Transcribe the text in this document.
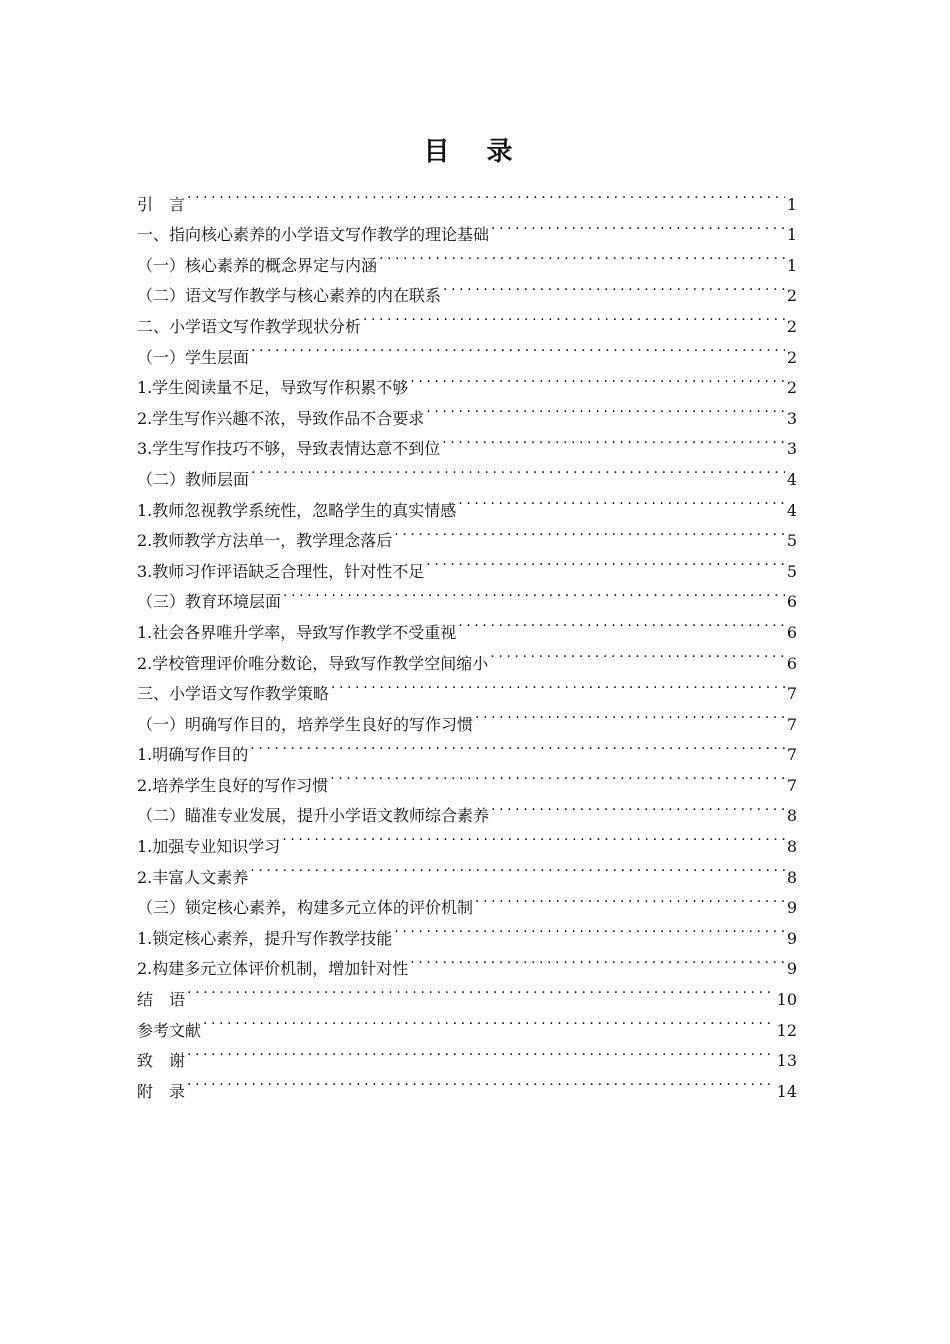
目 录
引　言 .....	1
一、指向核心素养的小学语文写作教学的理论基础 .....	1
（一）核心素养的概念界定与内涵 .....	1
（二）语文写作教学与核心素养的内在联系 .....	2
二、小学语文写作教学现状分析 .....	2
（一）学生层面 .....	2
1.学生阅读量不足，导致写作积累不够 .....	2
2.学生写作兴趣不浓，导致作品不合要求 .....	3
3.学生写作技巧不够，导致表情达意不到位 .....	3
（二）教师层面 .....	4
1.教师忽视教学系统性，忽略学生的真实情感 .....	4
2.教师教学方法单一，教学理念落后 .....	5
3.教师习作评语缺乏合理性，针对性不足 .....	5
（三）教育环境层面 .....	6
1.社会各界唯升学率，导致写作教学不受重视 .....	6
2.学校管理评价唯分数论，导致写作教学空间缩小 .....	6
三、小学语文写作教学策略 .....	7
（一）明确写作目的，培养学生良好的写作习惯 .....	7
1.明确写作目的 .....	7
2.培养学生良好的写作习惯 .....	7
（二）瞄准专业发展，提升小学语文教师综合素养 .....	8
1.加强专业知识学习 .....	8
2.丰富人文素养 .....	8
（三）锁定核心素养，构建多元立体的评价机制 .....	9
1.锁定核心素养，提升写作教学技能 .....	9
2.构建多元立体评价机制，增加针对性 .....	9
结　语 .....	10
参考文献 .....	12
致　谢 .....	13
附　录 .....	14
